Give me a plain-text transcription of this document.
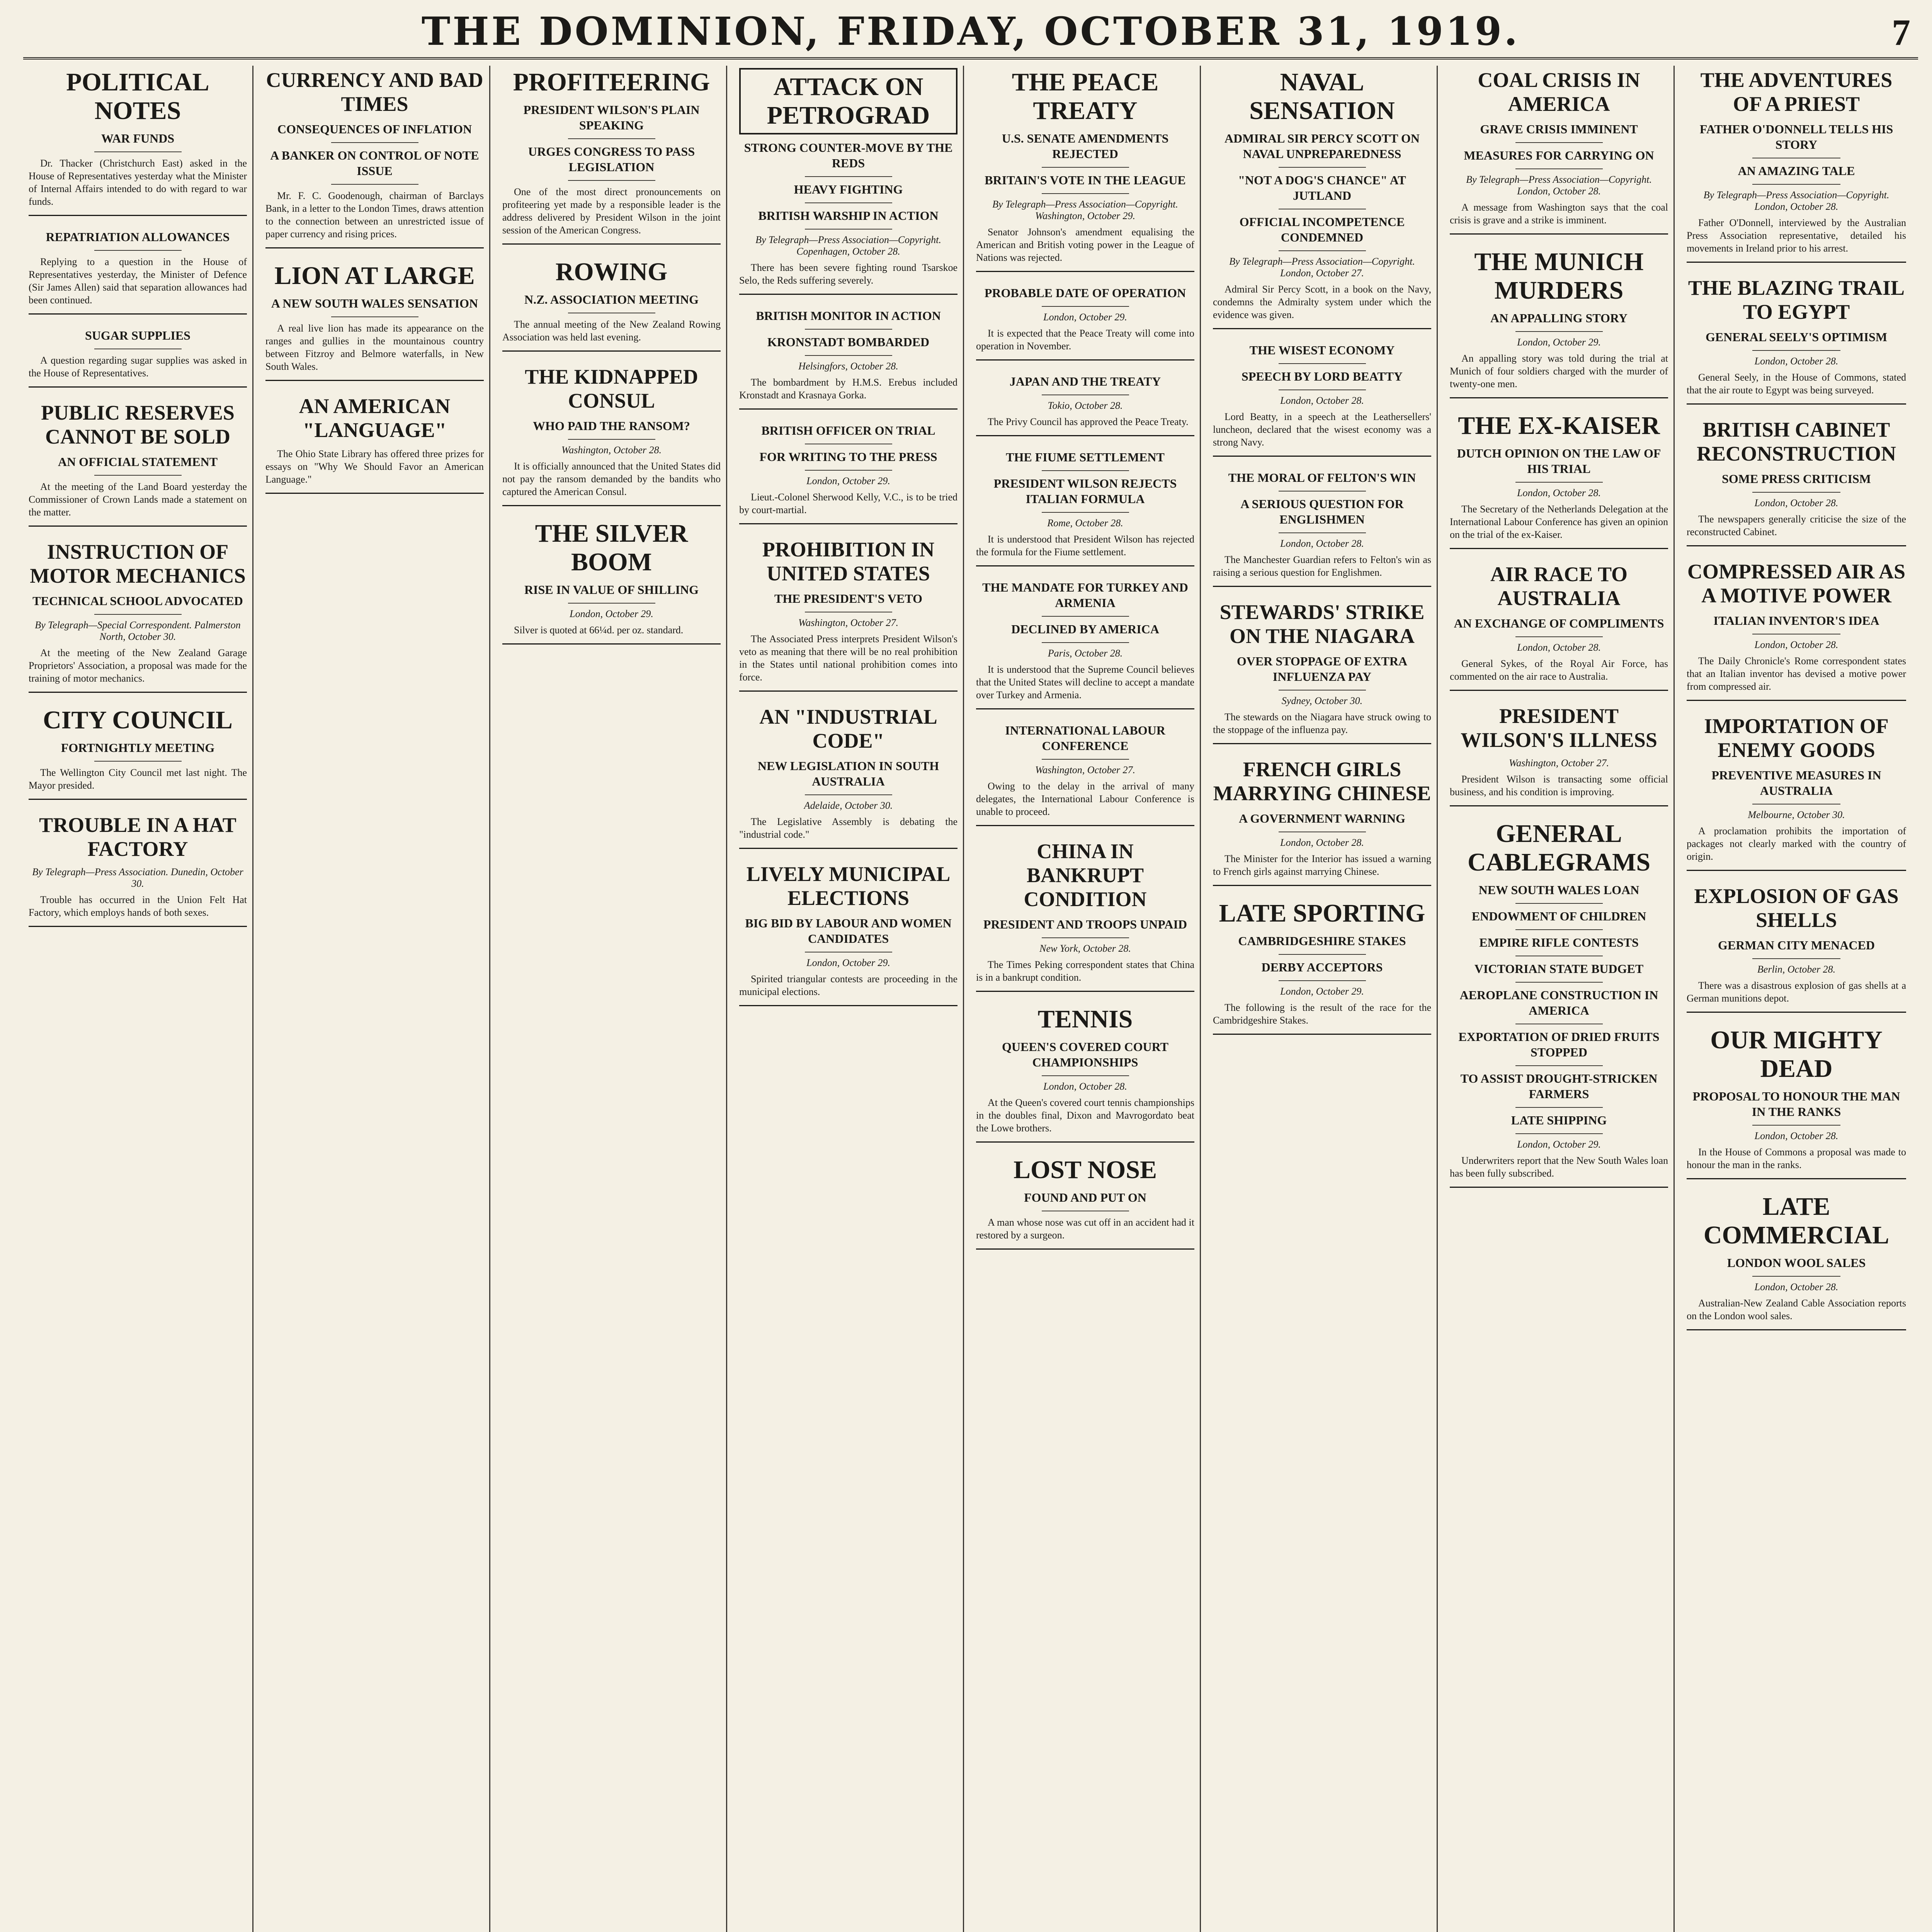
THE DOMINION, FRIDAY, OCTOBER 31, 1919.	7
POLITICAL NOTES
WAR FUNDS

Dr. Thacker (Christchurch East) asked in the House of Representatives yesterday what the Minister of Internal Affairs intended to do with regard to war funds.

REPATRIATION ALLOWANCES

Replying to a question in the House of Representatives yesterday, the Minister of Defence (Sir James Allen) said that separation allowances had been continued.

SUGAR SUPPLIES

A question regarding sugar supplies was asked in the House of Representatives.

PUBLIC RESERVES CANNOT BE SOLD
AN OFFICIAL STATEMENT

At the meeting of the Land Board yesterday the Commissioner of Crown Lands made a statement on the matter.

INSTRUCTION OF MOTOR MECHANICS
TECHNICAL SCHOOL ADVOCATED
By Telegraph—Special Correspondent. Palmerston North, October 30.

At the meeting of the New Zealand Garage Proprietors' Association, a proposal was made for the training of motor mechanics.

CITY COUNCIL
FORTNIGHTLY MEETING

The Wellington City Council met last night. The Mayor presided.

TROUBLE IN A HAT FACTORY
By Telegraph—Press Association. Dunedin, October 30.

Trouble has occurred in the Union Felt Hat Factory, which employs hands of both sexes.

CURRENCY AND BAD TIMES
CONSEQUENCES OF INFLATION
A BANKER ON CONTROL OF NOTE ISSUE

Mr. F. C. Goodenough, chairman of Barclays Bank, in a letter to the London Times, draws attention to the connection between an unrestricted issue of paper currency and rising prices.

LION AT LARGE
A NEW SOUTH WALES SENSATION

A real live lion has made its appearance on the ranges and gullies in the mountainous country between Fitzroy and Belmore waterfalls, in New South Wales.

AN AMERICAN "LANGUAGE"

The Ohio State Library has offered three prizes for essays on "Why We Should Favor an American Language."

PROFITEERING
PRESIDENT WILSON'S PLAIN SPEAKING
URGES CONGRESS TO PASS LEGISLATION

One of the most direct pronouncements on profiteering yet made by a responsible leader is the address delivered by President Wilson in the joint session of the American Congress.

ROWING
N.Z. ASSOCIATION MEETING

The annual meeting of the New Zealand Rowing Association was held last evening.

THE KIDNAPPED CONSUL
WHO PAID THE RANSOM?
Washington, October 28.

It is officially announced that the United States did not pay the ransom demanded by the bandits who captured the American Consul.

THE SILVER BOOM
RISE IN VALUE OF SHILLING
London, October 29.

Silver is quoted at 66¼d. per oz. standard.

ATTACK ON PETROGRAD
STRONG COUNTER-MOVE BY THE REDS
HEAVY FIGHTING
BRITISH WARSHIP IN ACTION
By Telegraph—Press Association—Copyright. Copenhagen, October 28.

There has been severe fighting round Tsarskoe Selo, the Reds suffering severely.

BRITISH MONITOR IN ACTION
KRONSTADT BOMBARDED
Helsingfors, October 28.

The bombardment by H.M.S. Erebus included Kronstadt and Krasnaya Gorka.

BRITISH OFFICER ON TRIAL
FOR WRITING TO THE PRESS
London, October 29.

Lieut.-Colonel Sherwood Kelly, V.C., is to be tried by court-martial.

PROHIBITION IN UNITED STATES
THE PRESIDENT'S VETO
Washington, October 27.

The Associated Press interprets President Wilson's veto as meaning that there will be no real prohibition in the States until national prohibition comes into force.

AN "INDUSTRIAL CODE"
NEW LEGISLATION IN SOUTH AUSTRALIA
Adelaide, October 30.

The Legislative Assembly is debating the "industrial code."

LIVELY MUNICIPAL ELECTIONS
BIG BID BY LABOUR AND WOMEN CANDIDATES
London, October 29.

Spirited triangular contests are proceeding in the municipal elections.

THE PEACE TREATY
U.S. SENATE AMENDMENTS REJECTED
BRITAIN'S VOTE IN THE LEAGUE
By Telegraph—Press Association—Copyright. Washington, October 29.

Senator Johnson's amendment equalising the American and British voting power in the League of Nations was rejected.

PROBABLE DATE OF OPERATION
London, October 29.

It is expected that the Peace Treaty will come into operation in November.

JAPAN AND THE TREATY
Tokio, October 28.

The Privy Council has approved the Peace Treaty.

THE FIUME SETTLEMENT
PRESIDENT WILSON REJECTS ITALIAN FORMULA
Rome, October 28.

It is understood that President Wilson has rejected the formula for the Fiume settlement.

THE MANDATE FOR TURKEY AND ARMENIA
DECLINED BY AMERICA
Paris, October 28.

It is understood that the Supreme Council believes that the United States will decline to accept a mandate over Turkey and Armenia.

INTERNATIONAL LABOUR CONFERENCE
Washington, October 27.

Owing to the delay in the arrival of many delegates, the International Labour Conference is unable to proceed.

CHINA IN BANKRUPT CONDITION
PRESIDENT AND TROOPS UNPAID
New York, October 28.

The Times Peking correspondent states that China is in a bankrupt condition.

TENNIS
QUEEN'S COVERED COURT CHAMPIONSHIPS
London, October 28.

At the Queen's covered court tennis championships in the doubles final, Dixon and Mavrogordato beat the Lowe brothers.

LOST NOSE
FOUND AND PUT ON

A man whose nose was cut off in an accident had it restored by a surgeon.

NAVAL SENSATION
ADMIRAL SIR PERCY SCOTT ON NAVAL UNPREPAREDNESS
"NOT A DOG'S CHANCE" AT JUTLAND
OFFICIAL INCOMPETENCE CONDEMNED
By Telegraph—Press Association—Copyright. London, October 27.

Admiral Sir Percy Scott, in a book on the Navy, condemns the Admiralty system under which the evidence was given.

THE WISEST ECONOMY
SPEECH BY LORD BEATTY
London, October 28.

Lord Beatty, in a speech at the Leathersellers' luncheon, declared that the wisest economy was a strong Navy.

THE MORAL OF FELTON'S WIN
A SERIOUS QUESTION FOR ENGLISHMEN
London, October 28.

The Manchester Guardian refers to Felton's win as raising a serious question for Englishmen.

STEWARDS' STRIKE ON THE NIAGARA
OVER STOPPAGE OF EXTRA INFLUENZA PAY
Sydney, October 30.

The stewards on the Niagara have struck owing to the stoppage of the influenza pay.

FRENCH GIRLS MARRYING CHINESE
A GOVERNMENT WARNING
London, October 28.

The Minister for the Interior has issued a warning to French girls against marrying Chinese.

LATE SPORTING
CAMBRIDGESHIRE STAKES
DERBY ACCEPTORS
London, October 29.

The following is the result of the race for the Cambridgeshire Stakes.

COAL CRISIS IN AMERICA
GRAVE CRISIS IMMINENT
MEASURES FOR CARRYING ON
By Telegraph—Press Association—Copyright. London, October 28.

A message from Washington says that the coal crisis is grave and a strike is imminent.

THE MUNICH MURDERS
AN APPALLING STORY
London, October 29.

An appalling story was told during the trial at Munich of four soldiers charged with the murder of twenty-one men.

THE EX-KAISER
DUTCH OPINION ON THE LAW OF HIS TRIAL
London, October 28.

The Secretary of the Netherlands Delegation at the International Labour Conference has given an opinion on the trial of the ex-Kaiser.

AIR RACE TO AUSTRALIA
AN EXCHANGE OF COMPLIMENTS
London, October 28.

General Sykes, of the Royal Air Force, has commented on the air race to Australia.

PRESIDENT WILSON'S ILLNESS
Washington, October 27.

President Wilson is transacting some official business, and his condition is improving.

GENERAL CABLEGRAMS
NEW SOUTH WALES LOAN
ENDOWMENT OF CHILDREN
EMPIRE RIFLE CONTESTS
VICTORIAN STATE BUDGET
AEROPLANE CONSTRUCTION IN AMERICA
EXPORTATION OF DRIED FRUITS STOPPED
TO ASSIST DROUGHT-STRICKEN FARMERS
LATE SHIPPING
London, October 29.

Underwriters report that the New South Wales loan has been fully subscribed.

THE ADVENTURES OF A PRIEST
FATHER O'DONNELL TELLS HIS STORY
AN AMAZING TALE
By Telegraph—Press Association—Copyright. London, October 28.

Father O'Donnell, interviewed by the Australian Press Association representative, detailed his movements in Ireland prior to his arrest.

THE BLAZING TRAIL TO EGYPT
GENERAL SEELY'S OPTIMISM
London, October 28.

General Seely, in the House of Commons, stated that the air route to Egypt was being surveyed.

BRITISH CABINET RECONSTRUCTION
SOME PRESS CRITICISM
London, October 28.

The newspapers generally criticise the size of the reconstructed Cabinet.

COMPRESSED AIR AS A MOTIVE POWER
ITALIAN INVENTOR'S IDEA
London, October 28.

The Daily Chronicle's Rome correspondent states that an Italian inventor has devised a motive power from compressed air.

IMPORTATION OF ENEMY GOODS
PREVENTIVE MEASURES IN AUSTRALIA
Melbourne, October 30.

A proclamation prohibits the importation of packages not clearly marked with the country of origin.

EXPLOSION OF GAS SHELLS
GERMAN CITY MENACED
Berlin, October 28.

There was a disastrous explosion of gas shells at a German munitions depot.

OUR MIGHTY DEAD
PROPOSAL TO HONOUR THE MAN IN THE RANKS
London, October 28.

In the House of Commons a proposal was made to honour the man in the ranks.

LATE COMMERCIAL
LONDON WOOL SALES
London, October 28.

Australian-New Zealand Cable Association reports on the London wool sales.
